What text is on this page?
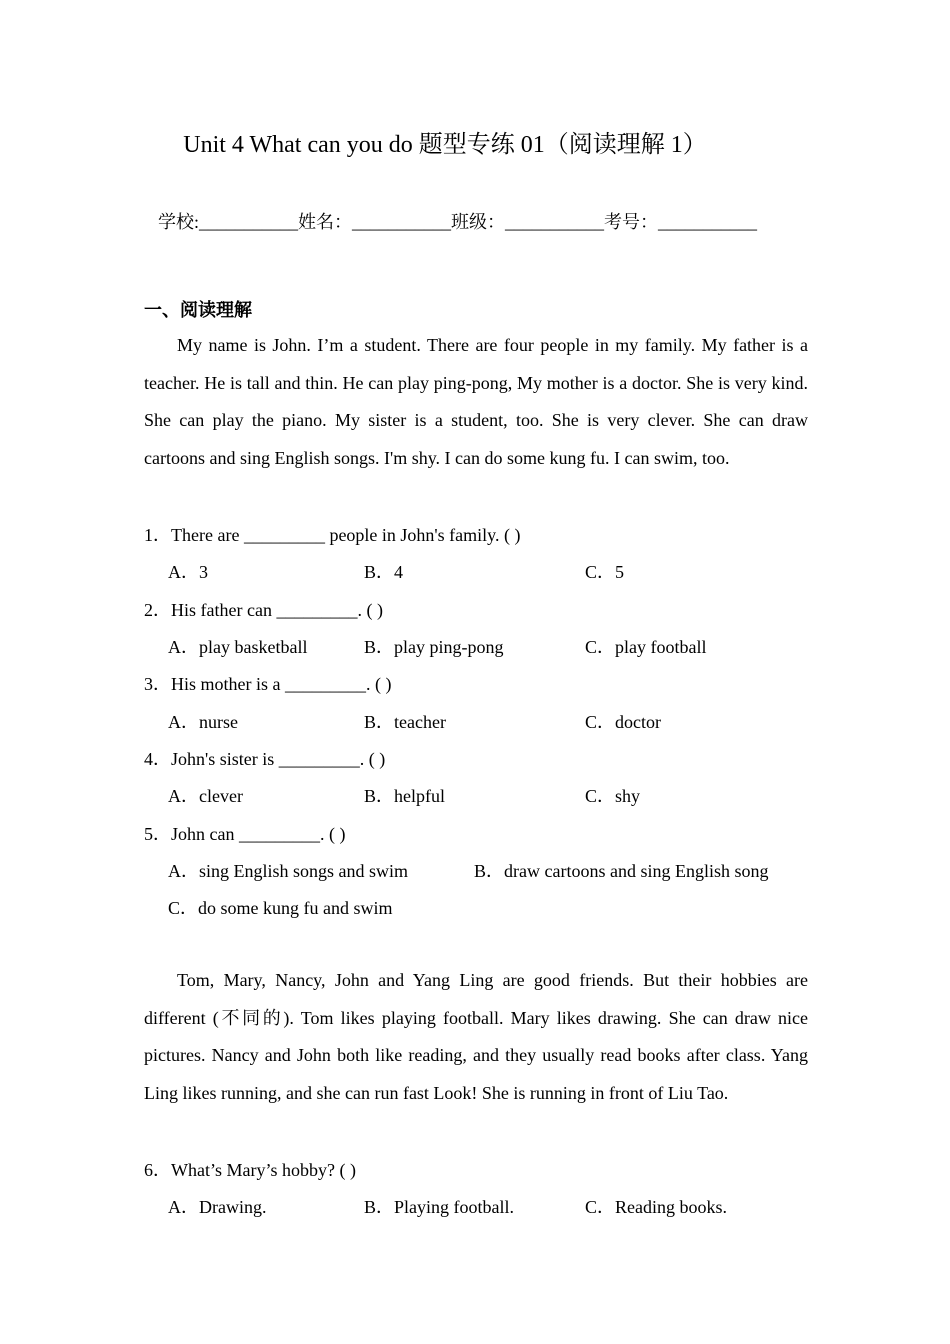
Unit 4 What can you do 题型专练 01（阅读理解 1）
学校:___________姓名：___________班级：___________考号：___________
一、阅读理解
My name is John. I’m a student. There are four people in my family. My father is a teacher. He is tall and thin. He can play ping-pong, My mother is a doctor. She is very kind. She can play the piano. My sister is a student, too. She is very clever. She can draw cartoons and sing English songs. I'm shy. I can do some kung fu. I can swim, too.
1．There are _________ people in John's family. ( )
A．3	B．4	C．5
2．His father can _________. ( )
A．play basketball	B．play ping-pong	C．play football
3．His mother is a _________. ( )
A．nurse	B．teacher	C．doctor
4．John's sister is _________. ( )
A．clever	B．helpful	C．shy
5．John can _________. ( )
A．sing English songs and swim	B．draw cartoons and sing English song
C．do some kung fu and swim
Tom, Mary, Nancy, John and Yang Ling are good friends. But their hobbies are different (不同的). Tom likes playing football. Mary likes drawing. She can draw nice pictures. Nancy and John both like reading, and they usually read books after class. Yang Ling likes running, and she can run fast Look! She is running in front of Liu Tao.
6．What’s Mary’s hobby? ( )
A．Drawing.	B．Playing football.	C．Reading books.
